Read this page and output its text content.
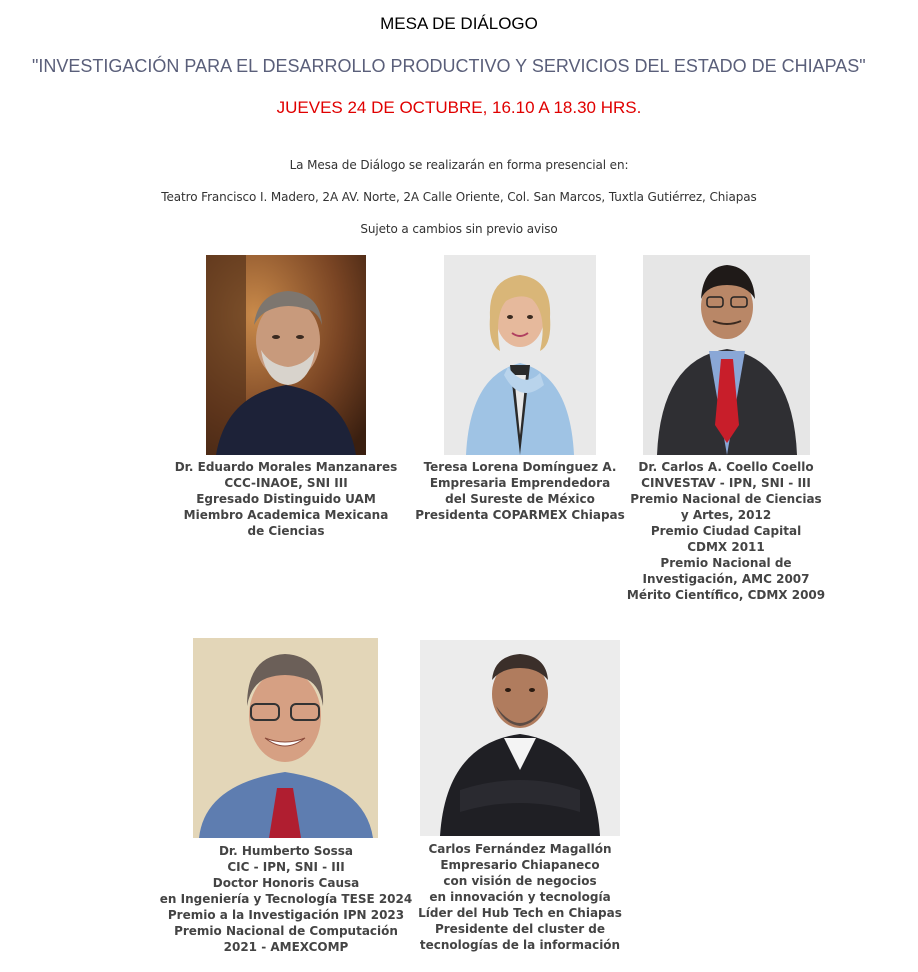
MESA DE DIÁLOGO
"INVESTIGACIÓN PARA EL DESARROLLO PRODUCTIVO Y SERVICIOS DEL ESTADO DE CHIAPAS"
JUEVES 24 DE OCTUBRE, 16.10 A 18.30 HRS.
La Mesa de Diálogo se realizarán en forma presencial en:
Teatro Francisco I. Madero, 2A AV. Norte, 2A Calle Oriente, Col. San Marcos, Tuxtla Gutiérrez, Chiapas
Sujeto a cambios sin previo aviso
Dr. Eduardo Morales Manzanares
CCC-INAOE, SNI III
Egresado Distinguido UAM
Miembro Academica Mexicana
de Ciencias
Teresa Lorena Domínguez A.
Empresaria Emprendedora
del Sureste de México
Presidenta COPARMEX Chiapas
Dr. Carlos A. Coello Coello
CINVESTAV - IPN, SNI - III
Premio Nacional de Ciencias
y Artes, 2012
Premio Ciudad Capital
CDMX 2011
Premio Nacional de
Investigación, AMC 2007
Mérito Científico, CDMX 2009
Dr. Humberto Sossa
CIC - IPN, SNI - III
Doctor Honoris Causa
en Ingeniería y Tecnología TESE 2024
Premio a la Investigación IPN 2023
Premio Nacional de Computación
2021 - AMEXCOMP
Carlos Fernández Magallón
Empresario Chiapaneco
con visión de negocios
en innovación y tecnología
Líder del Hub Tech en Chiapas
Presidente del cluster de
tecnologías de la información
